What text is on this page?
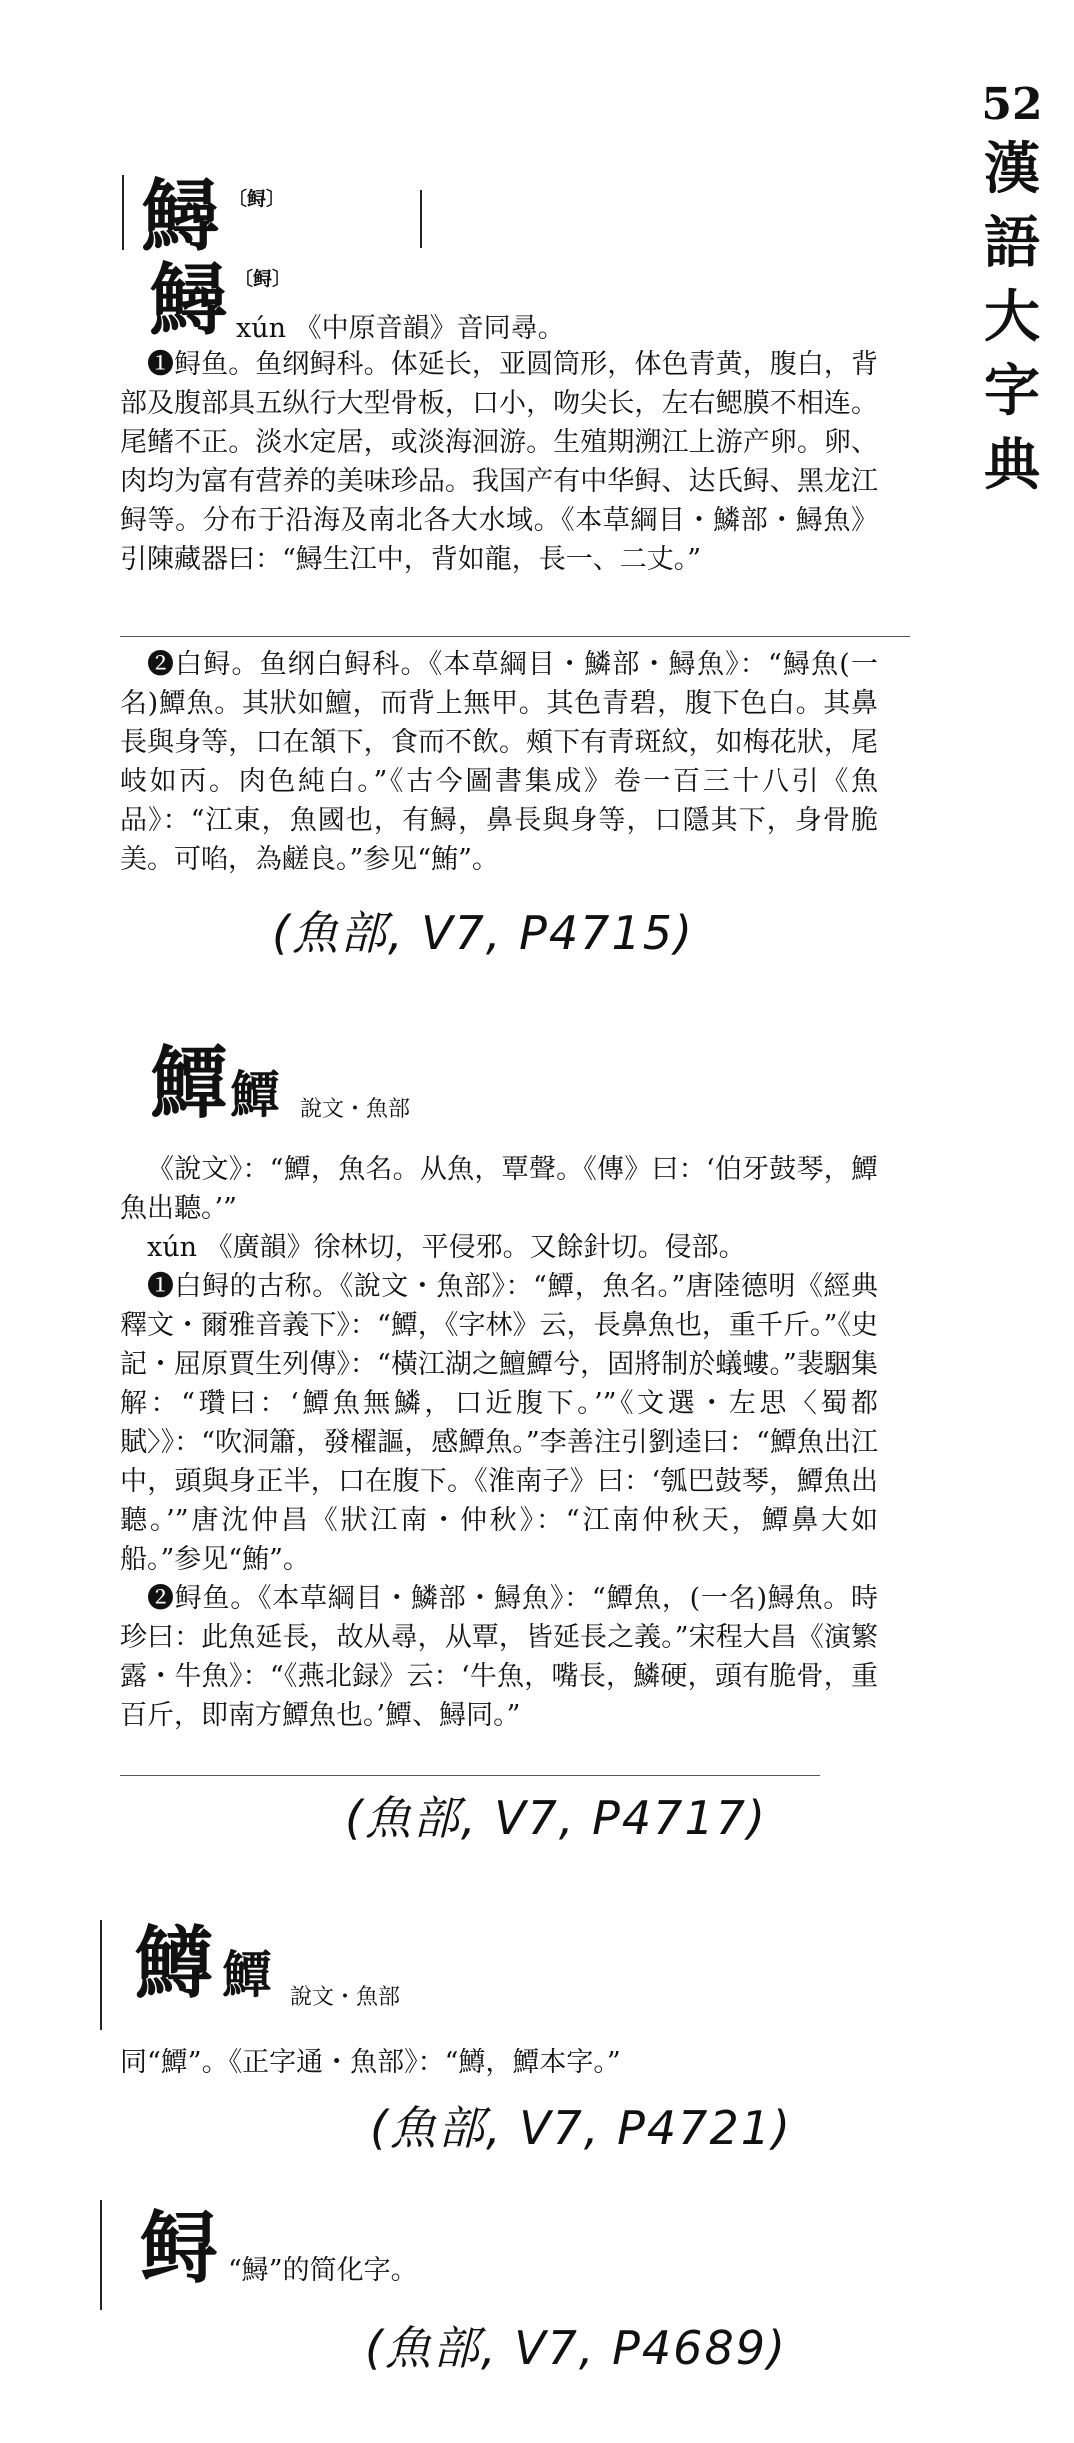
52
漢
語
大
字
典
鱘 〔鲟〕
鱘 〔鲟〕
xún 《中原音韻》音同尋。

❶鲟鱼。鱼纲鲟科。体延长，亚圆筒形，体色青黄，腹白，背部及腹部具五纵行大型骨板，口小，吻尖长，左右鳃膜不相连。尾鳍不正。淡水定居，或淡海洄游。生殖期溯江上游产卵。卵、肉均为富有营养的美味珍品。我国产有中华鲟、达氏鲟、黑龙江鲟等。分布于沿海及南北各大水域。《本草綱目・鱗部・鱘魚》引陳藏器曰：“鱘生江中，背如龍，長一、二丈。”

❷白鲟。鱼纲白鲟科。《本草綱目・鱗部・鱘魚》：“鱘魚(一名)鱏魚。其狀如鱣，而背上無甲。其色青碧，腹下色白。其鼻長與身等，口在頷下，食而不飲。頰下有青斑紋，如梅花狀，尾岐如丙。肉色純白。”《古今圖書集成》卷一百三十八引《魚品》：“江東，魚國也，有鱘，鼻長與身等，口隱其下，身骨脆美。可啗，為鹺良。”参见“鮪”。

(魚部, V7, P4715)
鱏 鱏 說文・魚部

《說文》：“鱏，魚名。从魚，覃聲。《傳》曰：‘伯牙鼓琴，鱏魚出聽。’”

xún 《廣韻》徐林切，平侵邪。又餘針切。侵部。

❶白鲟的古称。《說文・魚部》：“鱏，魚名。”唐陸德明《經典釋文・爾雅音義下》：“鱏，《字林》云，長鼻魚也，重千斤。”《史記・屈原賈生列傳》：“橫江湖之鱣鱏兮，固將制於蟻螻。”裴駰集解：“瓚曰：‘鱏魚無鱗，口近腹下。’”《文選・左思〈蜀都賦〉》：“吹洞簫，發櫂謳，感鱏魚。”李善注引劉逵曰：“鱏魚出江中，頭與身正半，口在腹下。《淮南子》曰：‘瓠巴鼓琴，鱏魚出聽。’”唐沈仲昌《狀江南・仲秋》：“江南仲秋天，鱏鼻大如船。”参见“鮪”。

❷鲟鱼。《本草綱目・鱗部・鱘魚》：“鱏魚，(一名)鱘魚。時珍曰：此魚延長，故从尋，从覃，皆延長之義。”宋程大昌《演繁露・牛魚》：“《燕北録》云：‘牛魚，嘴長，鱗硬，頭有脆骨，重百斤，即南方鱏魚也。’鱏、鱘同。”

(魚部, V7, P4717)
鱒 鱏 說文・魚部
同“鱏”。《正字通・魚部》：“鱒，鱏本字。”
(魚部, V7, P4721)
鲟 “鱘”的简化字。
(魚部, V7, P4689)
